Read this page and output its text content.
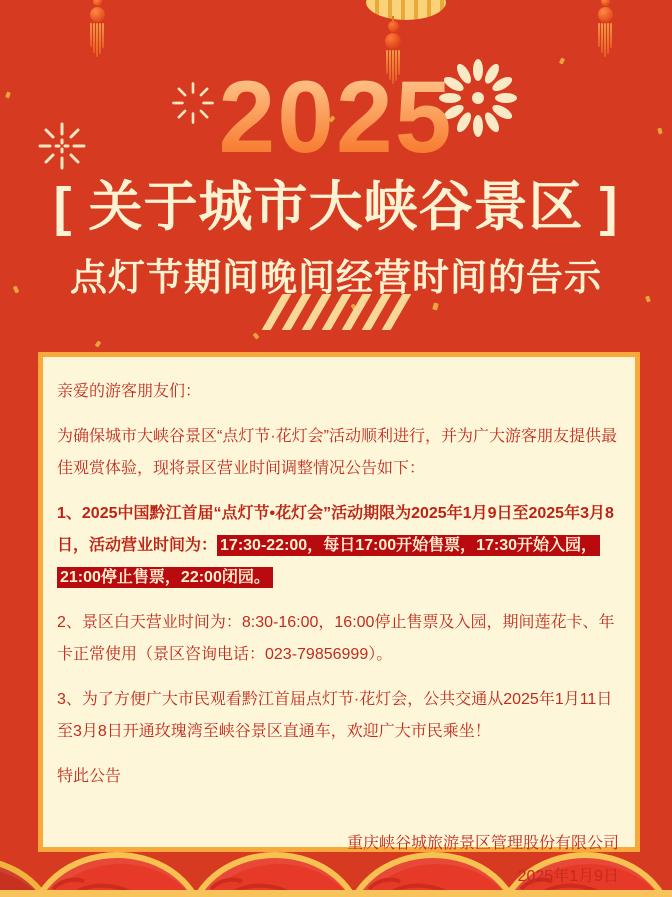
2025
[ 关于城市大峡谷景区 ]
点灯节期间晚间经营时间的告示

亲爱的游客朋友们：

为确保城市大峡谷景区“点灯节·花灯会”活动顺利进行，并为广大游客朋友提供最佳观赏体验，现将景区营业时间调整情况公告如下：

1、2025中国黔江首届“点灯节•花灯会”活动期限为2025年1月9日至2025年3月8日，活动营业时间为： 17:30-22:00，每日17:00开始售票，17:30开始入园，21:00停止售票，22:00闭园。

2、景区白天营业时间为：8:30-16:00，16:00停止售票及入园，期间莲花卡、年卡正常使用（景区咨询电话：023-79856999）。

3、为了方便广大市民观看黔江首届点灯节·花灯会，公共交通从2025年1月11日至3月8日开通玫瑰湾至峡谷景区直通车，欢迎广大市民乘坐！

特此公告

重庆峡谷城旅游景区管理股份有限公司
2025年1月9日
